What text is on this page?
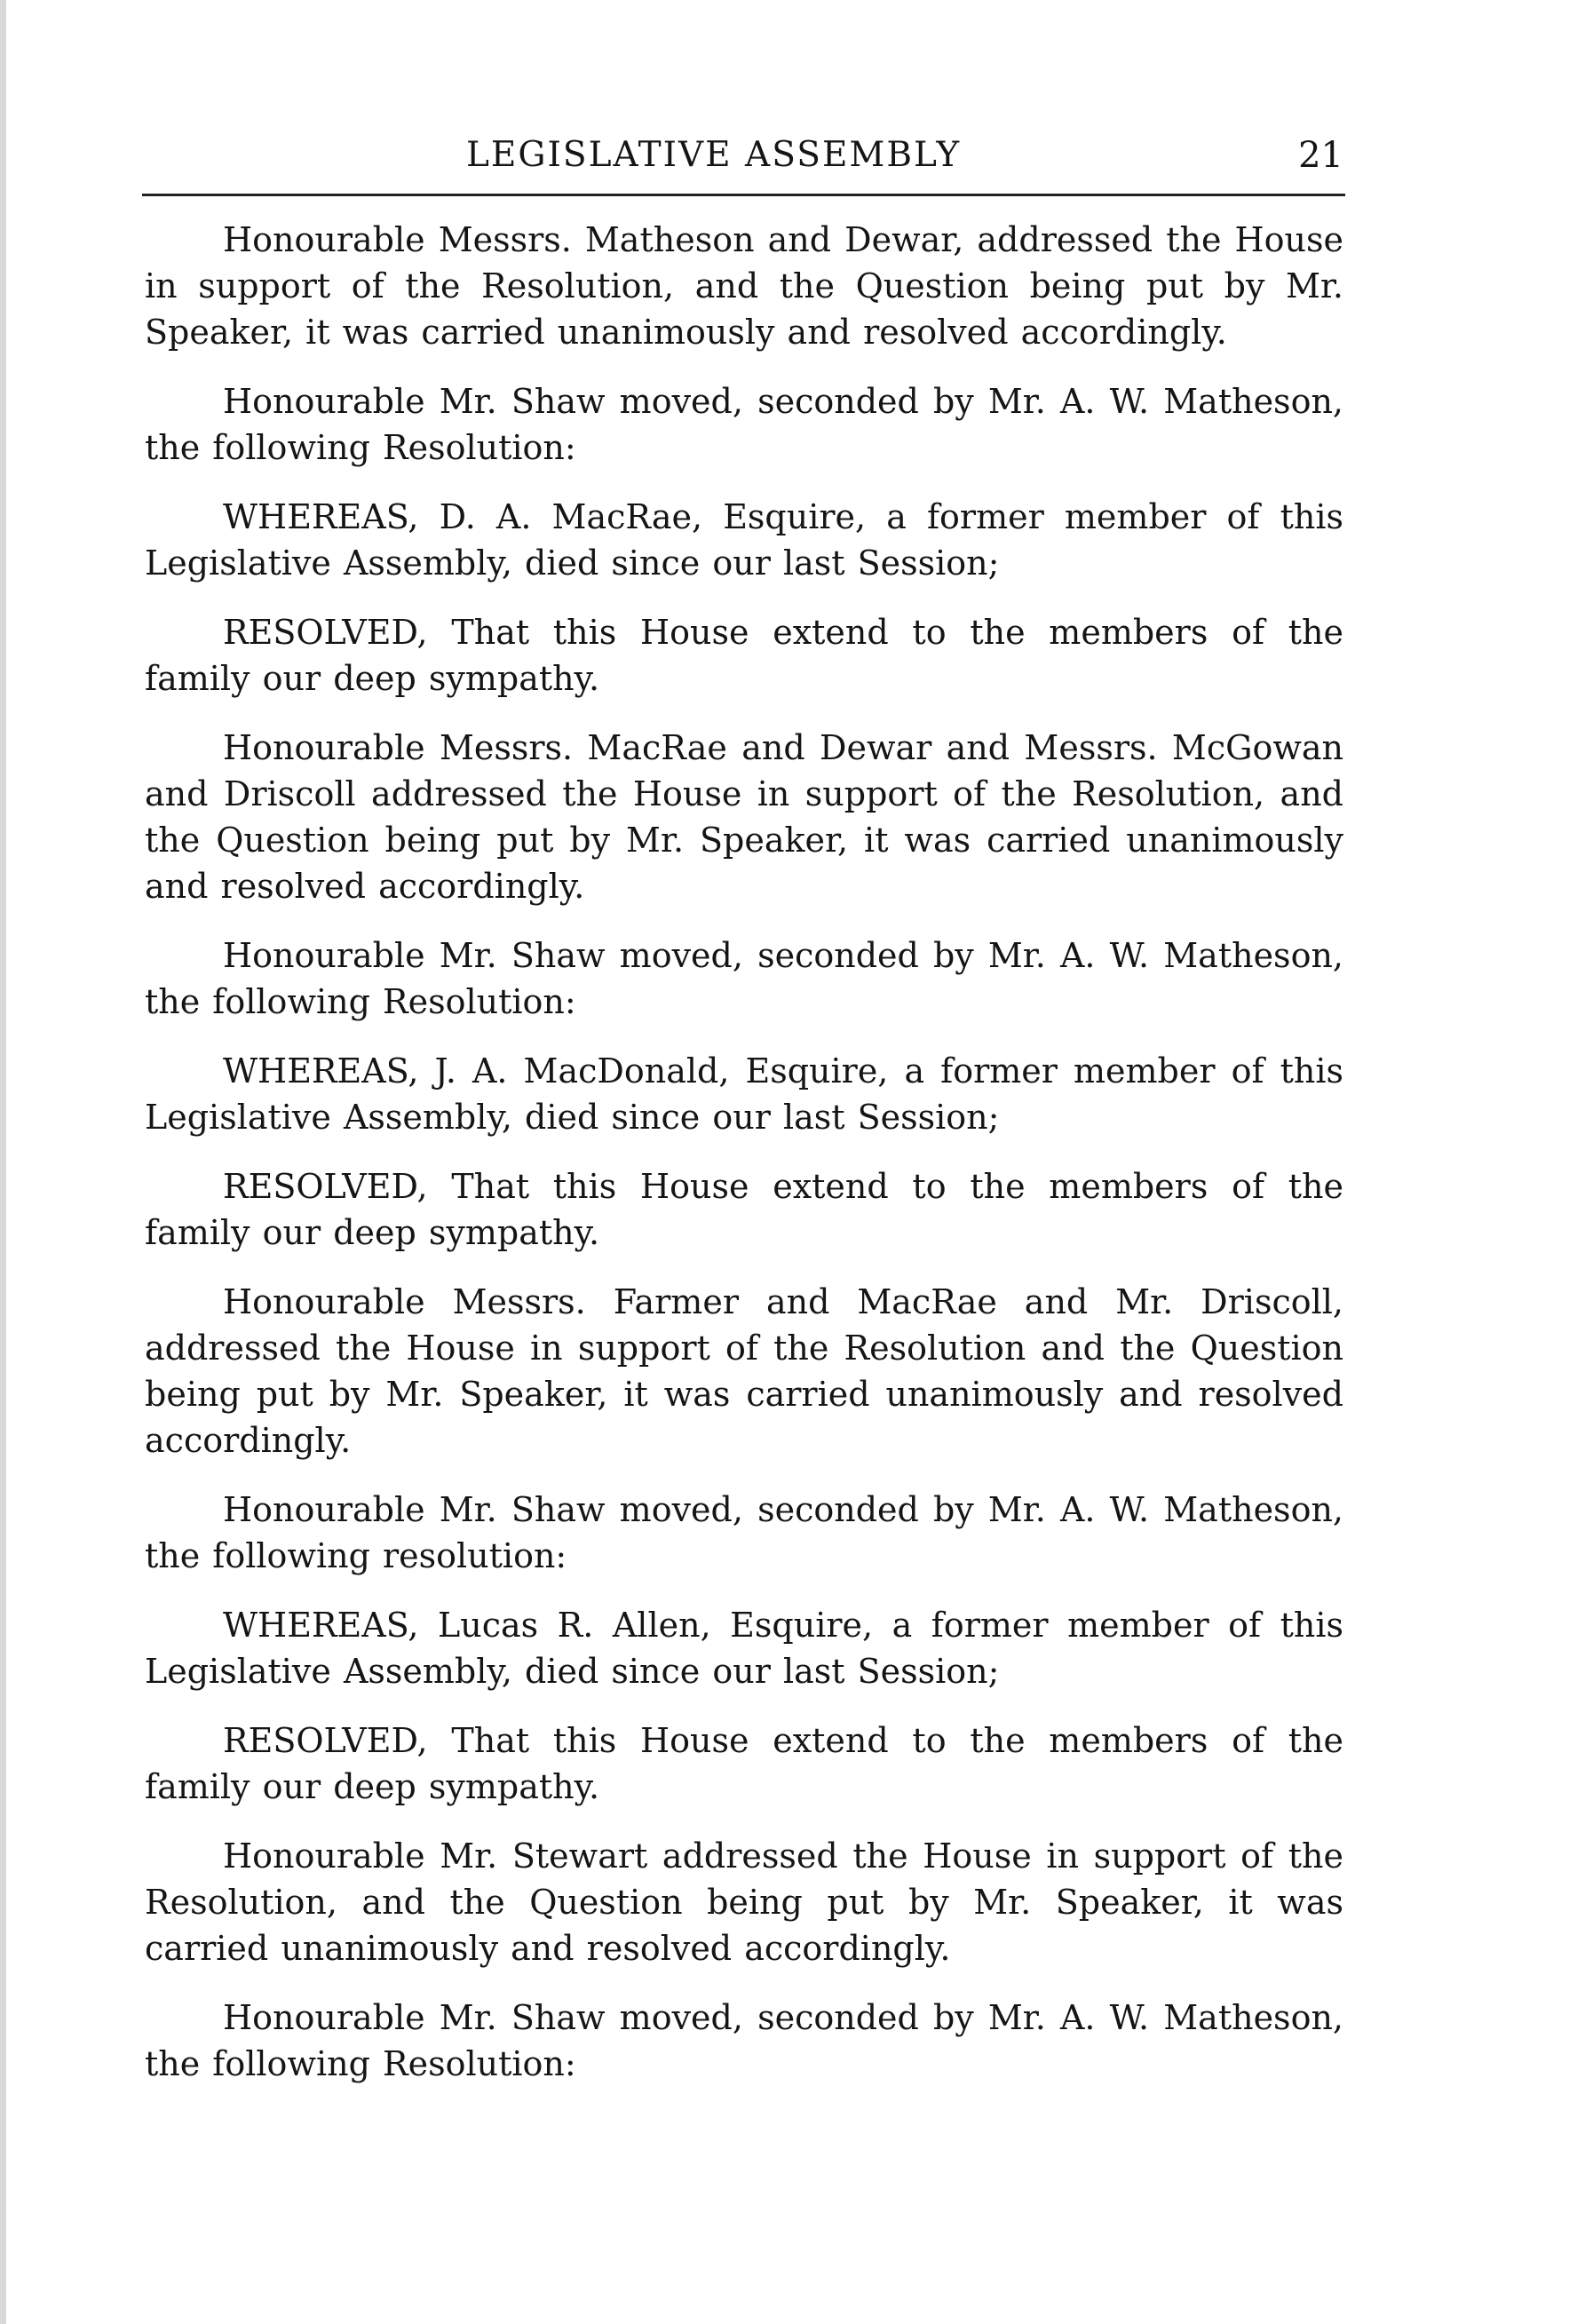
LEGISLATIVE ASSEMBLY	21

Honourable Messrs. Matheson and Dewar, addressed the House in support of the Resolution, and the Question being put by Mr. Speaker, it was carried unanimously and resolved accordingly.

Honourable Mr. Shaw moved, seconded by Mr. A. W. Matheson, the following Resolution:

WHEREAS, D. A. MacRae, Esquire, a former member of this Legislative Assembly, died since our last Session;

RESOLVED, That this House extend to the members of the family our deep sympathy.

Honourable Messrs. MacRae and Dewar and Messrs. McGowan and Driscoll addressed the House in support of the Resolution, and the Question being put by Mr. Speaker, it was carried unanimously and resolved accordingly.

Honourable Mr. Shaw moved, seconded by Mr. A. W. Matheson, the following Resolution:

WHEREAS, J. A. MacDonald, Esquire, a former member of this Legislative Assembly, died since our last Session;

RESOLVED, That this House extend to the members of the family our deep sympathy.

Honourable Messrs. Farmer and MacRae and Mr. Driscoll, addressed the House in support of the Resolution and the Question being put by Mr. Speaker, it was carried unanimously and resolved accordingly.

Honourable Mr. Shaw moved, seconded by Mr. A. W. Matheson, the following resolution:

WHEREAS, Lucas R. Allen, Esquire, a former member of this Legislative Assembly, died since our last Session;

RESOLVED, That this House extend to the members of the family our deep sympathy.

Honourable Mr. Stewart addressed the House in support of the Resolution, and the Question being put by Mr. Speaker, it was carried unanimously and resolved accordingly.

Honourable Mr. Shaw moved, seconded by Mr. A. W. Matheson, the following Resolution:
